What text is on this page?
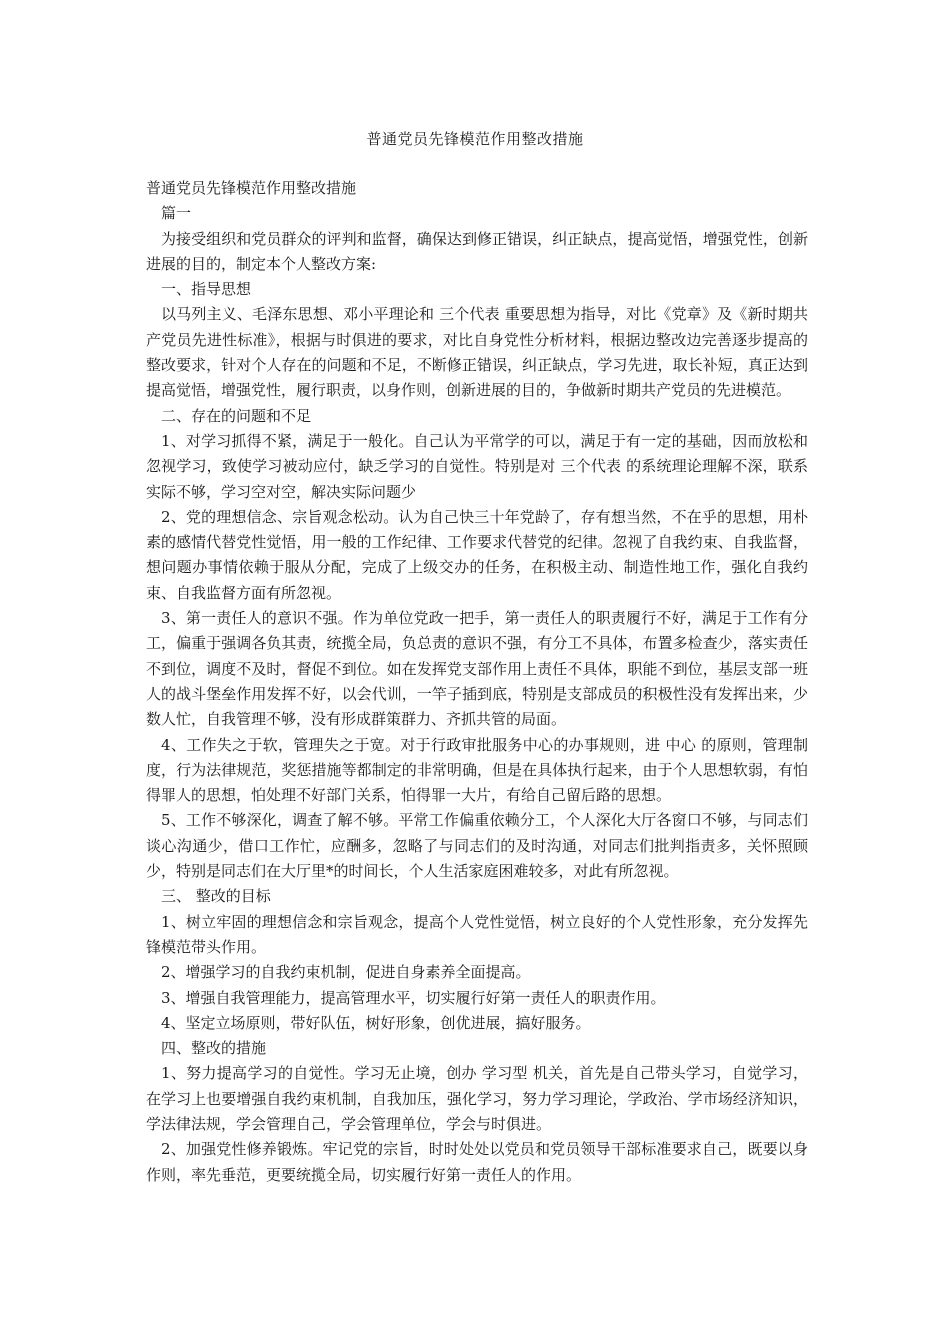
普通党员先锋模范作用整改措施

普通党员先锋模范作用整改措施

篇一

为接受组织和党员群众的评判和监督，确保达到修正错误，纠正缺点，提高觉悟，增强党性，创新进展的目的，制定本个人整改方案:

一、指导思想

以马列主义、毛泽东思想、邓小平理论和 三个代表 重要思想为指导，对比《党章》及《新时期共产党员先进性标准》，根据与时俱进的要求，对比自身党性分析材料，根据边整改边完善逐步提高的整改要求，针对个人存在的问题和不足，不断修正错误，纠正缺点，学习先进，取长补短，真正达到提高觉悟，增强党性，履行职责，以身作则，创新进展的目的，争做新时期共产党员的先进模范。

二、存在的问题和不足

1、对学习抓得不紧，满足于一般化。自己认为平常学的可以，满足于有一定的基础，因而放松和忽视学习，致使学习被动应付，缺乏学习的自觉性。特别是对 三个代表 的系统理论理解不深，联系实际不够，学习空对空，解决实际问题少

2、党的理想信念、宗旨观念松动。认为自己快三十年党龄了，存有想当然，不在乎的思想，用朴素的感情代替党性觉悟，用一般的工作纪律、工作要求代替党的纪律。忽视了自我约束、自我监督，想问题办事情依赖于服从分配，完成了上级交办的任务，在积极主动、制造性地工作，强化自我约束、自我监督方面有所忽视。

3、第一责任人的意识不强。作为单位党政一把手，第一责任人的职责履行不好，满足于工作有分工，偏重于强调各负其责，统揽全局，负总责的意识不强，有分工不具体，布置多检查少，落实责任不到位，调度不及时，督促不到位。如在发挥党支部作用上责任不具体，职能不到位，基层支部一班人的战斗堡垒作用发挥不好，以会代训，一竿子插到底，特别是支部成员的积极性没有发挥出来，少数人忙，自我管理不够，没有形成群策群力、齐抓共管的局面。

4、工作失之于软，管理失之于宽。对于行政审批服务中心的办事规则，进 中心 的原则，管理制度，行为法律规范，奖惩措施等都制定的非常明确，但是在具体执行起来，由于个人思想软弱，有怕得罪人的思想，怕处理不好部门关系，怕得罪一大片，有给自己留后路的思想。

5、工作不够深化，调查了解不够。平常工作偏重依赖分工，个人深化大厅各窗口不够，与同志们谈心沟通少，借口工作忙，应酬多，忽略了与同志们的及时沟通，对同志们批判指责多，关怀照顾少，特别是同志们在大厅里*的时间长，个人生活家庭困难较多，对此有所忽视。

三、 整改的目标

1、树立牢固的理想信念和宗旨观念，提高个人党性觉悟，树立良好的个人党性形象，充分发挥先锋模范带头作用。

2、增强学习的自我约束机制，促进自身素养全面提高。

3、增强自我管理能力，提高管理水平，切实履行好第一责任人的职责作用。

4、坚定立场原则，带好队伍，树好形象，创优进展，搞好服务。

四、整改的措施

1、努力提高学习的自觉性。学习无止境，创办 学习型 机关，首先是自己带头学习，自觉学习，在学习上也要增强自我约束机制，自我加压，强化学习，努力学习理论，学政治、学市场经济知识，学法律法规，学会管理自己，学会管理单位，学会与时俱进。

2、加强党性修养锻炼。牢记党的宗旨，时时处处以党员和党员领导干部标准要求自己，既要以身作则，率先垂范，更要统揽全局，切实履行好第一责任人的作用。
